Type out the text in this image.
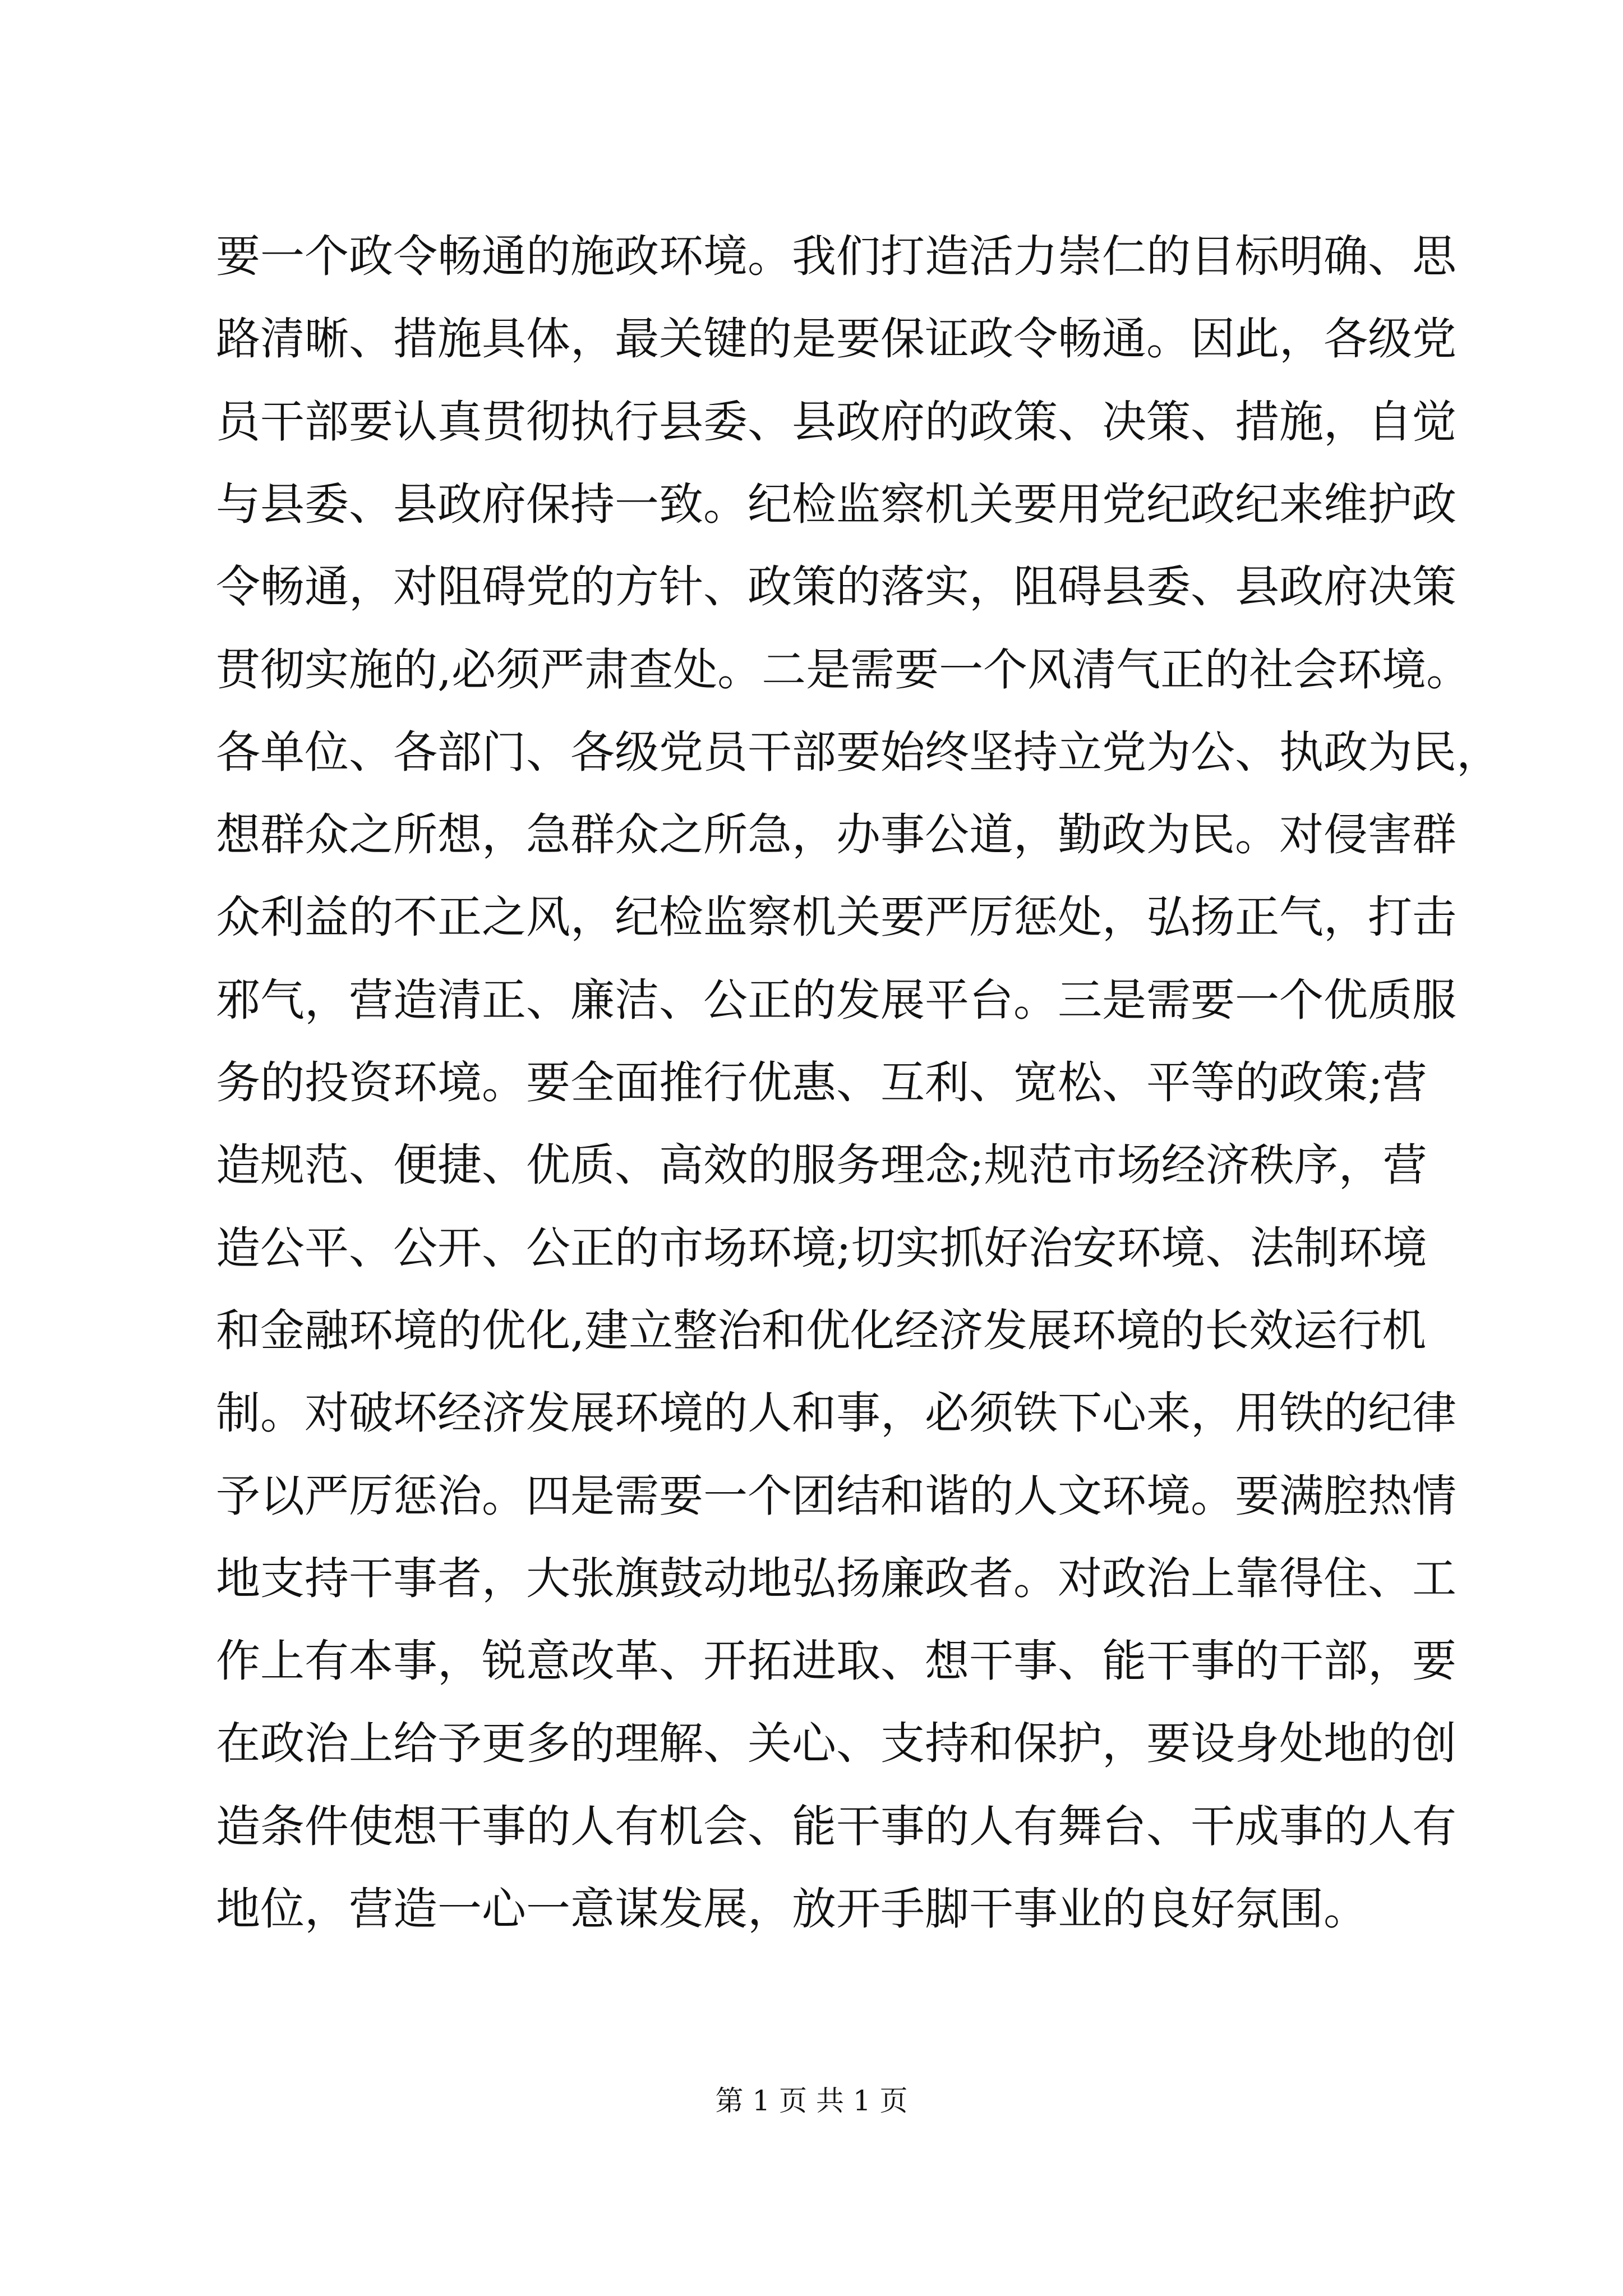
要一个政令畅通的施政环境。我们打造活力崇仁的目标明确、思
路清晰、措施具体，最关键的是要保证政令畅通。因此，各级党
员干部要认真贯彻执行县委、县政府的政策、决策、措施，自觉
与县委、县政府保持一致。纪检监察机关要用党纪政纪来维护政
令畅通，对阻碍党的方针、政策的落实，阻碍县委、县政府决策
贯彻实施的,必须严肃查处。二是需要一个风清气正的社会环境。
各单位、各部门、各级党员干部要始终坚持立党为公、执政为民，
想群众之所想，急群众之所急，办事公道，勤政为民。对侵害群
众利益的不正之风，纪检监察机关要严厉惩处，弘扬正气，打击
邪气，营造清正、廉洁、公正的发展平台。三是需要一个优质服
务的投资环境。要全面推行优惠、互利、宽松、平等的政策;营
造规范、便捷、优质、高效的服务理念;规范市场经济秩序，营
造公平、公开、公正的市场环境;切实抓好治安环境、法制环境
和金融环境的优化,建立整治和优化经济发展环境的长效运行机
制。对破坏经济发展环境的人和事，必须铁下心来，用铁的纪律
予以严厉惩治。四是需要一个团结和谐的人文环境。要满腔热情
地支持干事者，大张旗鼓动地弘扬廉政者。对政治上靠得住、工
作上有本事，锐意改革、开拓进取、想干事、能干事的干部，要
在政治上给予更多的理解、关心、支持和保护，要设身处地的创
造条件使想干事的人有机会、能干事的人有舞台、干成事的人有
地位，营造一心一意谋发展，放开手脚干事业的良好氛围。
第 1 页 共 1 页
